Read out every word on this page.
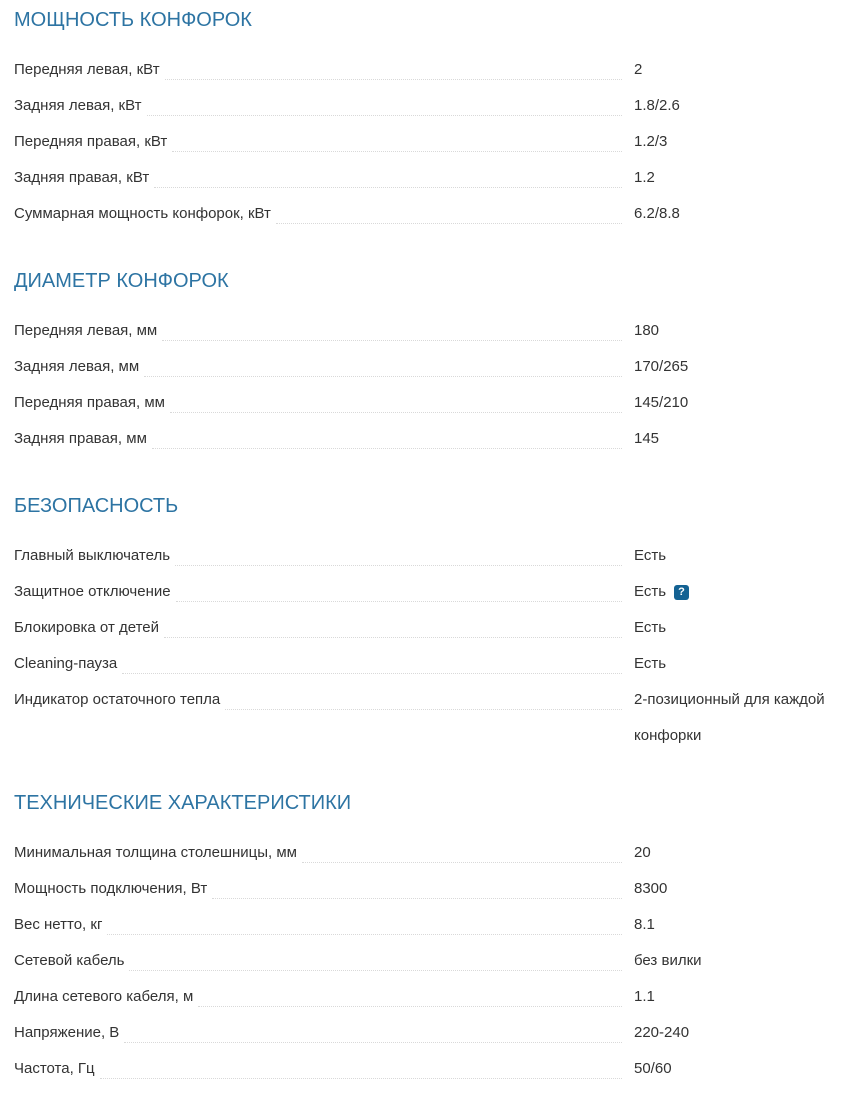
МОЩНОСТЬ КОНФОРОК
Передняя левая, кВт	2
Задняя левая, кВт	1.8/2.6
Передняя правая, кВт	1.2/3
Задняя правая, кВт	1.2
Суммарная мощность конфорок, кВт	6.2/8.8
ДИАМЕТР КОНФОРОК
Передняя левая, мм	180
Задняя левая, мм	170/265
Передняя правая, мм	145/210
Задняя правая, мм	145
БЕЗОПАСНОСТЬ
Главный выключатель	Есть
Защитное отключение	Есть ?
Блокировка от детей	Есть
Cleaning-пауза	Есть
Индикатор остаточного тепла	2-позиционный для каждой конфорки
ТЕХНИЧЕСКИЕ ХАРАКТЕРИСТИКИ
Минимальная толщина столешницы, мм	20
Мощность подключения, Вт	8300
Вес нетто, кг	8.1
Сетевой кабель	без вилки
Длина сетевого кабеля, м	1.1
Напряжение, В	220-240
Частота, Гц	50/60
